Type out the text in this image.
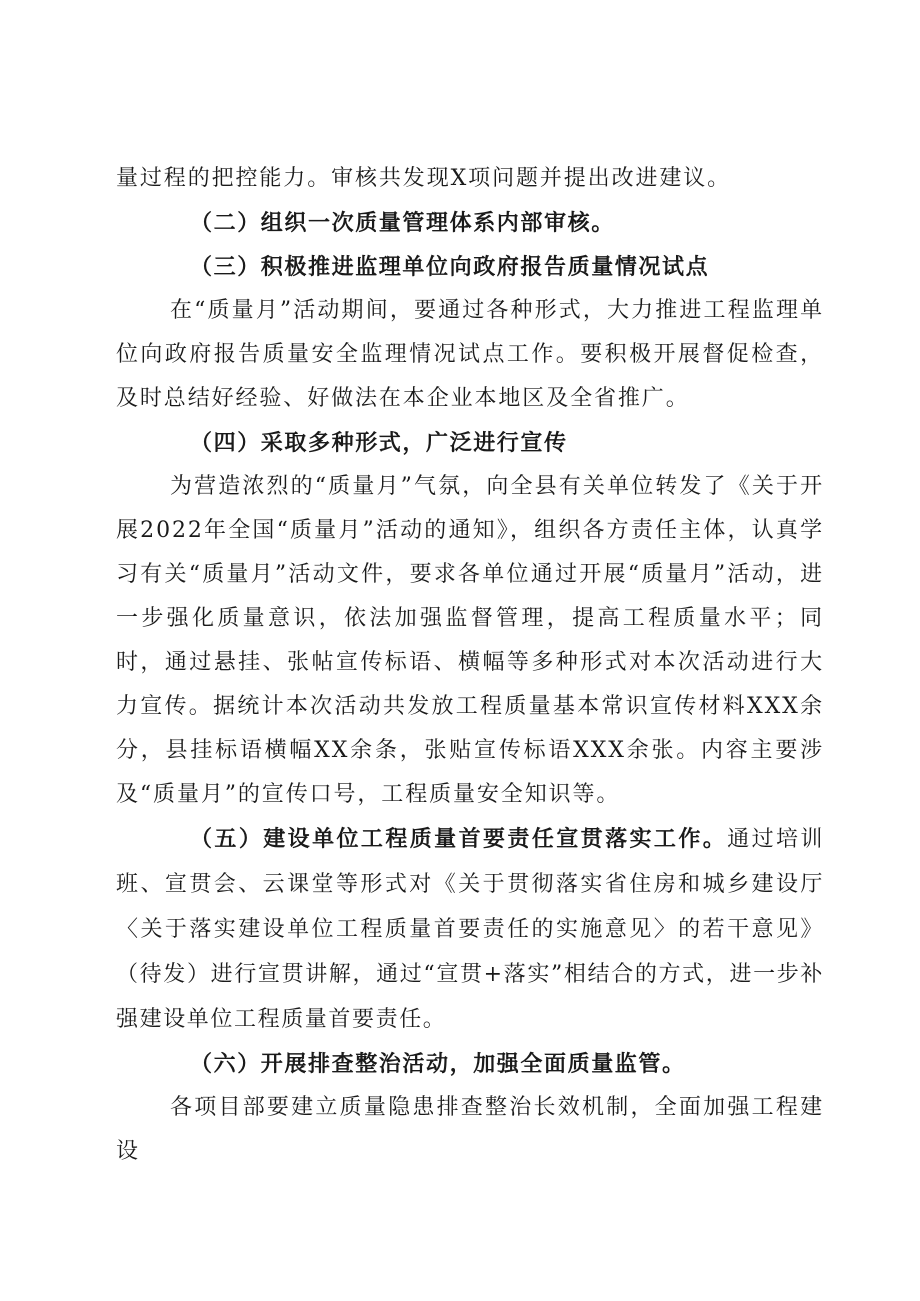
量过程的把控能力。审核共发现X项问题并提出改进建议。

（二）组织一次质量管理体系内部审核。

（三）积极推进监理单位向政府报告质量情况试点

在“质量月”活动期间，要通过各种形式，大力推进工程监理单位向政府报告质量安全监理情况试点工作。要积极开展督促检查，及时总结好经验、好做法在本企业本地区及全省推广。

（四）采取多种形式，广泛进行宣传

为营造浓烈的“质量月”气氛，向全县有关单位转发了《关于开展2022年全国“质量月”活动的通知》，组织各方责任主体，认真学习有关“质量月”活动文件，要求各单位通过开展“质量月”活动，进一步强化质量意识，依法加强监督管理，提高工程质量水平；同时，通过悬挂、张帖宣传标语、横幅等多种形式对本次活动进行大力宣传。据统计本次活动共发放工程质量基本常识宣传材料XXX余分，县挂标语横幅XX余条，张贴宣传标语XXX余张。内容主要涉及“质量月”的宣传口号，工程质量安全知识等。

（五）建设单位工程质量首要责任宣贯落实工作。通过培训班、宣贯会、云课堂等形式对《关于贯彻落实省住房和城乡建设厅〈关于落实建设单位工程质量首要责任的实施意见〉的若干意见》（待发）进行宣贯讲解，通过“宣贯+落实”相结合的方式，进一步补强建设单位工程质量首要责任。

（六）开展排查整治活动，加强全面质量监管。

各项目部要建立质量隐患排查整治长效机制，全面加强工程建设
